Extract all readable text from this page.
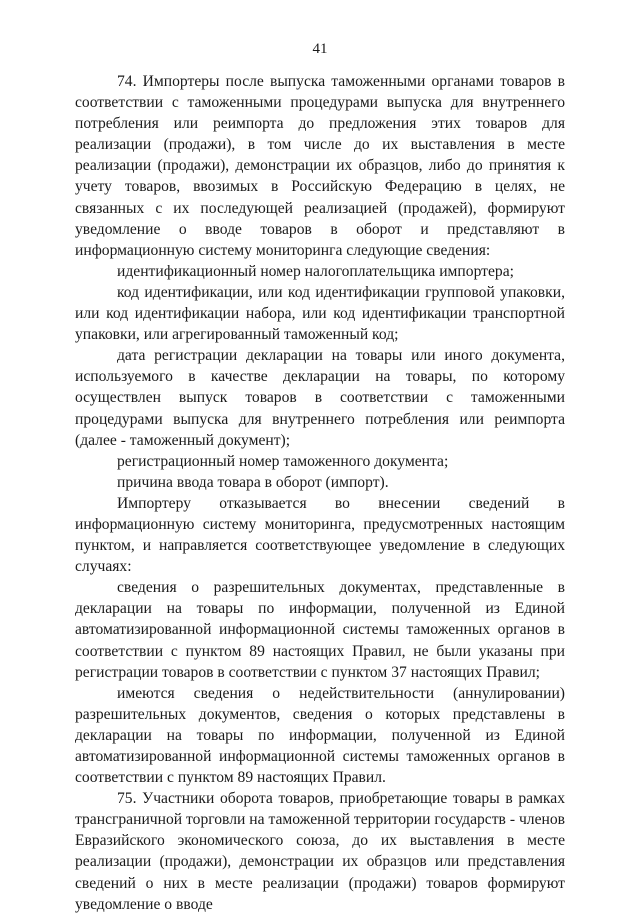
41

74. Импортеры после выпуска таможенными органами товаров в соответствии с таможенными процедурами выпуска для внутреннего потребления или реимпорта до предложения этих товаров для реализации (продажи), в том числе до их выставления в месте реализации (продажи), демонстрации их образцов, либо до принятия к учету товаров, ввозимых в Российскую Федерацию в целях, не связанных с их последующей реализацией (продажей), формируют уведомление о вводе товаров в оборот и представляют в информационную систему мониторинга следующие сведения:

идентификационный номер налогоплательщика импортера;

код идентификации, или код идентификации групповой упаковки, или код идентификации набора, или код идентификации транспортной упаковки, или агрегированный таможенный код;

дата регистрации декларации на товары или иного документа, используемого в качестве декларации на товары, по которому осуществлен выпуск товаров в соответствии с таможенными процедурами выпуска для внутреннего потребления или реимпорта (далее - таможенный документ);

регистрационный номер таможенного документа;

причина ввода товара в оборот (импорт).

Импортеру отказывается во внесении сведений в информационную систему мониторинга, предусмотренных настоящим пунктом, и направляется соответствующее уведомление в следующих случаях:

сведения о разрешительных документах, представленные в декларации на товары по информации, полученной из Единой автоматизированной информационной системы таможенных органов в соответствии с пунктом 89 настоящих Правил, не были указаны при регистрации товаров в соответствии с пунктом 37 настоящих Правил;

имеются сведения о недействительности (аннулировании) разрешительных документов, сведения о которых представлены в декларации на товары по информации, полученной из Единой автоматизированной информационной системы таможенных органов в соответствии с пунктом 89 настоящих Правил.

75. Участники оборота товаров, приобретающие товары в рамках трансграничной торговли на таможенной территории государств - членов Евразийского экономического союза, до их выставления в месте реализации (продажи), демонстрации их образцов или представления сведений о них в месте реализации (продажи) товаров формируют уведомление о вводе
